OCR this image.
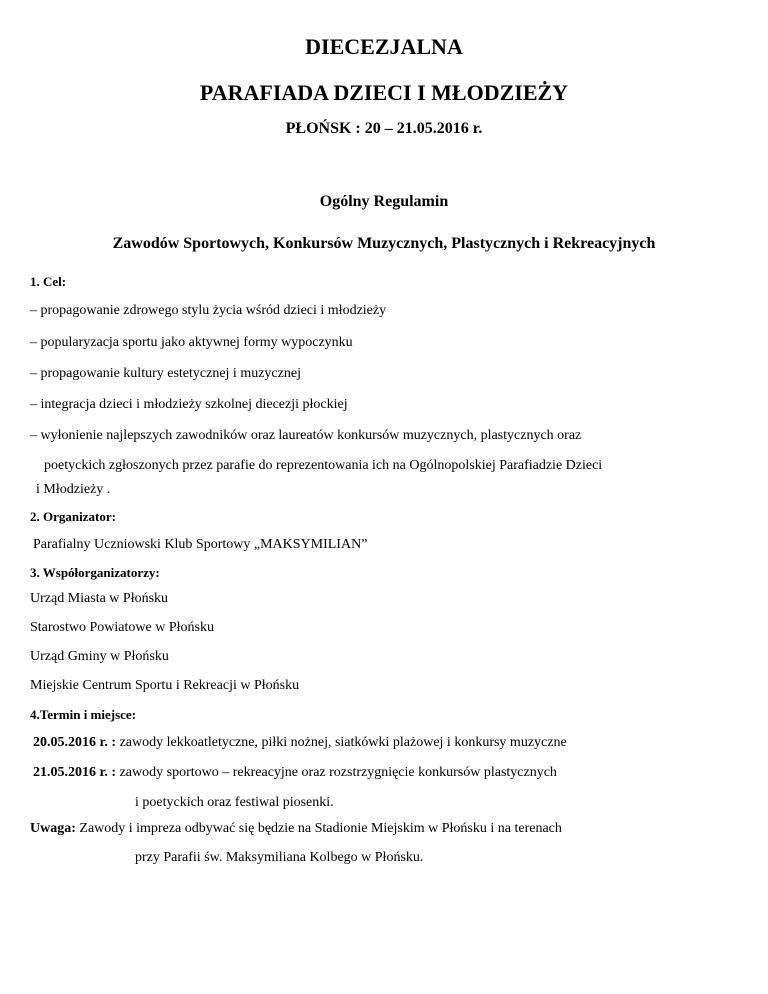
DIECEZJALNA
PARAFIADA DZIECI I MŁODZIEŻY
PŁOŃSK : 20 – 21.05.2016 r.
Ogólny Regulamin
Zawodów Sportowych, Konkursów Muzycznych, Plastycznych i Rekreacyjnych
1. Cel:
– propagowanie zdrowego stylu życia wśród dzieci i młodzieży
– popularyzacja sportu jako aktywnej formy wypoczynku
– propagowanie kultury estetycznej i muzycznej
– integracja dzieci i młodzieży szkolnej diecezji płockiej
– wyłonienie najlepszych zawodników oraz laureatów konkursów muzycznych, plastycznych oraz
poetyckich zgłoszonych przez parafie do reprezentowania ich na Ogólnopolskiej Parafiadzie Dzieci
i Młodzieży .
2. Organizator:
Parafialny Uczniowski Klub Sportowy „MAKSYMILIAN”
3. Współorganizatorzy:
Urząd Miasta w Płońsku
Starostwo Powiatowe w Płońsku
Urząd Gminy w Płońsku
Miejskie Centrum Sportu i Rekreacji w Płońsku
4.Termin i miejsce:
20.05.2016 r. : zawody lekkoatletyczne, piłki nożnej, siatkówki plażowej i konkursy muzyczne
21.05.2016 r. : zawody sportowo – rekreacyjne oraz rozstrzygnięcie konkursów plastycznych
i poetyckich oraz festiwal piosenki.
Uwaga: Zawody i impreza odbywać się będzie na Stadionie Miejskim w Płońsku i na terenach
przy Parafii św. Maksymiliana Kolbego w Płońsku.
